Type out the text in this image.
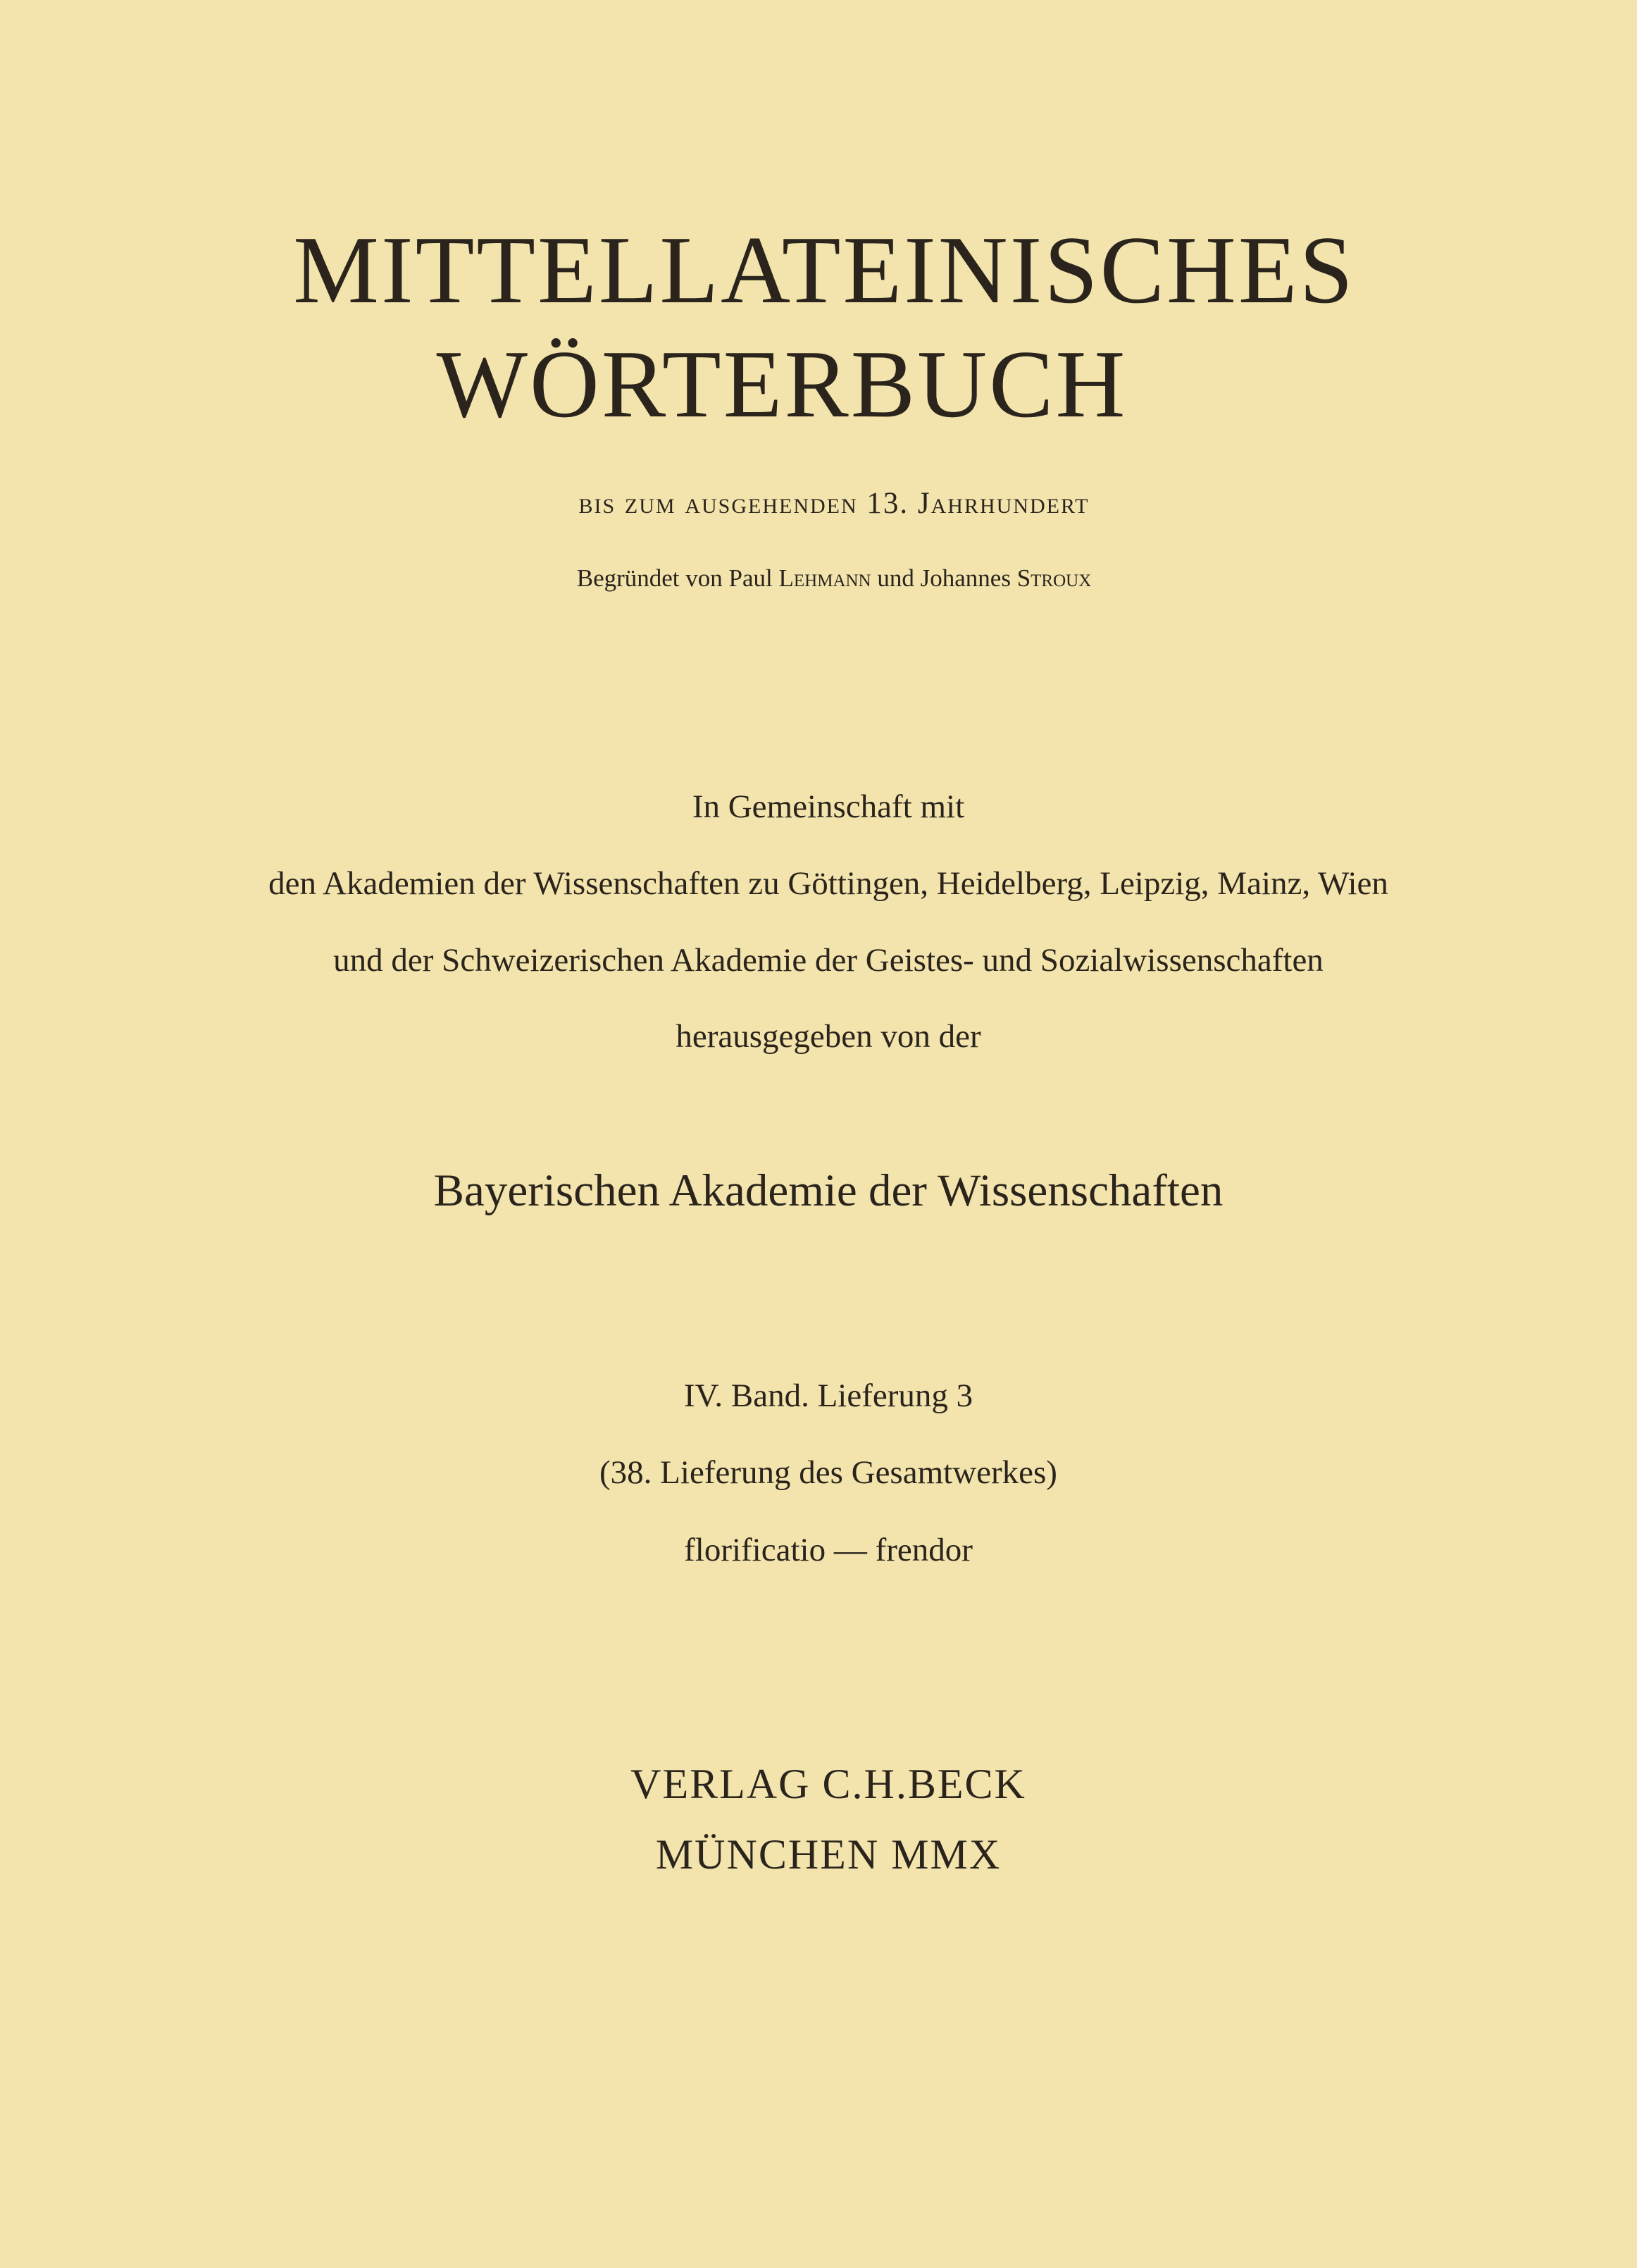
MITTELLATEINISCHES
WÖRTERBUCH

bis zum ausgehenden 13. Jahrhundert

Begründet von Paul Lehmann und Johannes Stroux

In Gemeinschaft mit

den Akademien der Wissenschaften zu Göttingen, Heidelberg, Leipzig, Mainz, Wien

und der Schweizerischen Akademie der Geistes- und Sozialwissenschaften

herausgegeben von der

Bayerischen Akademie der Wissenschaften

IV. Band. Lieferung 3

(38. Lieferung des Gesamtwerkes)

florificatio — frendor

VERLAG C.H.BECK

MÜNCHEN MMX
